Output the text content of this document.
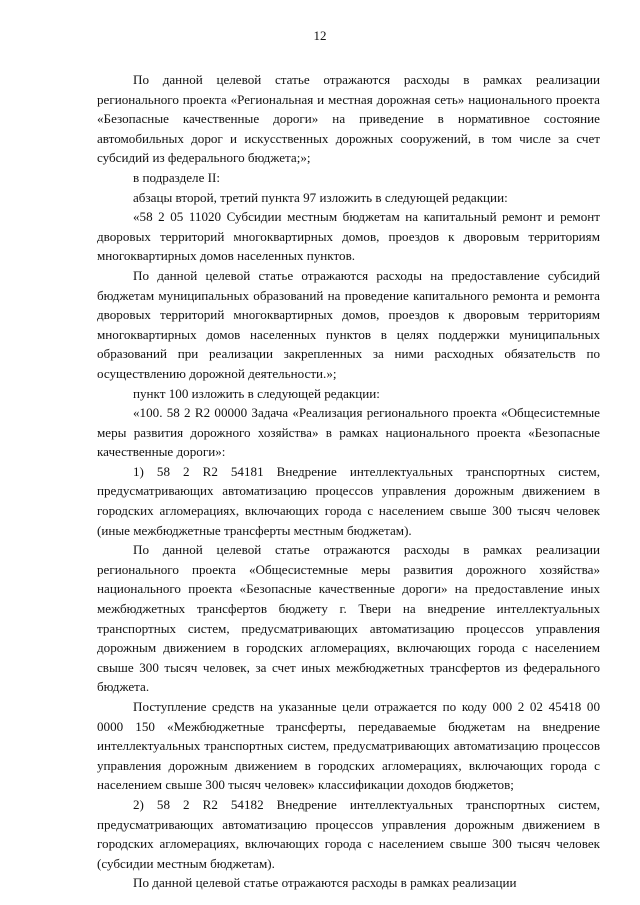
12

По данной целевой статье отражаются расходы в рамках реализации регионального проекта «Региональная и местная дорожная сеть» национального проекта «Безопасные качественные дороги» на приведение в нормативное состояние автомобильных дорог и искусственных дорожных сооружений, в том числе за счет субсидий из федерального бюджета;»;

в подразделе II:

абзацы второй, третий пункта 97 изложить в следующей редакции:

«58 2 05 11020 Субсидии местным бюджетам на капитальный ремонт и ремонт дворовых территорий многоквартирных домов, проездов к дворовым территориям многоквартирных домов населенных пунктов.

По данной целевой статье отражаются расходы на предоставление субсидий бюджетам муниципальных образований на проведение капитального ремонта и ремонта дворовых территорий многоквартирных домов, проездов к дворовым территориям многоквартирных домов населенных пунктов в целях поддержки муниципальных образований при реализации закрепленных за ними расходных обязательств по осуществлению дорожной деятельности.»;

пункт 100 изложить в следующей редакции:

«100. 58 2 R2 00000 Задача «Реализация регионального проекта «Общесистемные меры развития дорожного хозяйства» в рамках национального проекта «Безопасные качественные дороги»:

1) 58 2 R2 54181 Внедрение интеллектуальных транспортных систем, предусматривающих автоматизацию процессов управления дорожным движением в городских агломерациях, включающих города с населением свыше 300 тысяч человек (иные межбюджетные трансферты местным бюджетам).

По данной целевой статье отражаются расходы в рамках реализации регионального проекта «Общесистемные меры развития дорожного хозяйства» национального проекта «Безопасные качественные дороги» на предоставление иных межбюджетных трансфертов бюджету г. Твери на внедрение интеллектуальных транспортных систем, предусматривающих автоматизацию процессов управления дорожным движением в городских агломерациях, включающих города с населением свыше 300 тысяч человек, за счет иных межбюджетных трансфертов из федерального бюджета.

Поступление средств на указанные цели отражается по коду 000 2 02 45418 00 0000 150 «Межбюджетные трансферты, передаваемые бюджетам на внедрение интеллектуальных транспортных систем, предусматривающих автоматизацию процессов управления дорожным движением в городских агломерациях, включающих города с населением свыше 300 тысяч человек» классификации доходов бюджетов;

2) 58 2 R2 54182 Внедрение интеллектуальных транспортных систем, предусматривающих автоматизацию процессов управления дорожным движением в городских агломерациях, включающих города с населением свыше 300 тысяч человек (субсидии местным бюджетам).

По данной целевой статье отражаются расходы в рамках реализации
